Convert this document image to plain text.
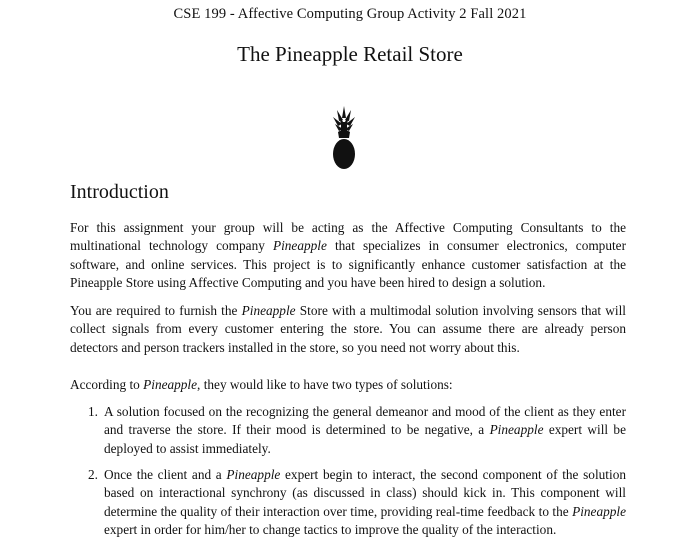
CSE 199 - Affective Computing Group Activity 2 Fall 2021
The Pineapple Retail Store
Introduction
For this assignment your group will be acting as the Affective Computing Consultants to the multinational technology company Pineapple that specializes in consumer electronics, computer software, and online services. This project is to significantly enhance customer satisfaction at the Pineapple Store using Affective Computing and you have been hired to design a solution.
You are required to furnish the Pineapple Store with a multimodal solution involving sensors that will collect signals from every customer entering the store. You can assume there are already person detectors and person trackers installed in the store, so you need not worry about this.
According to Pineapple, they would like to have two types of solutions:
1. A solution focused on the recognizing the general demeanor and mood of the client as they enter and traverse the store. If their mood is determined to be negative, a Pineapple expert will be deployed to assist immediately.
2. Once the client and a Pineapple expert begin to interact, the second component of the solution based on interactional synchrony (as discussed in class) should kick in. This component will determine the quality of their interaction over time, providing real-time feedback to the Pineapple expert in order for him/her to change tactics to improve the quality of the interaction.
